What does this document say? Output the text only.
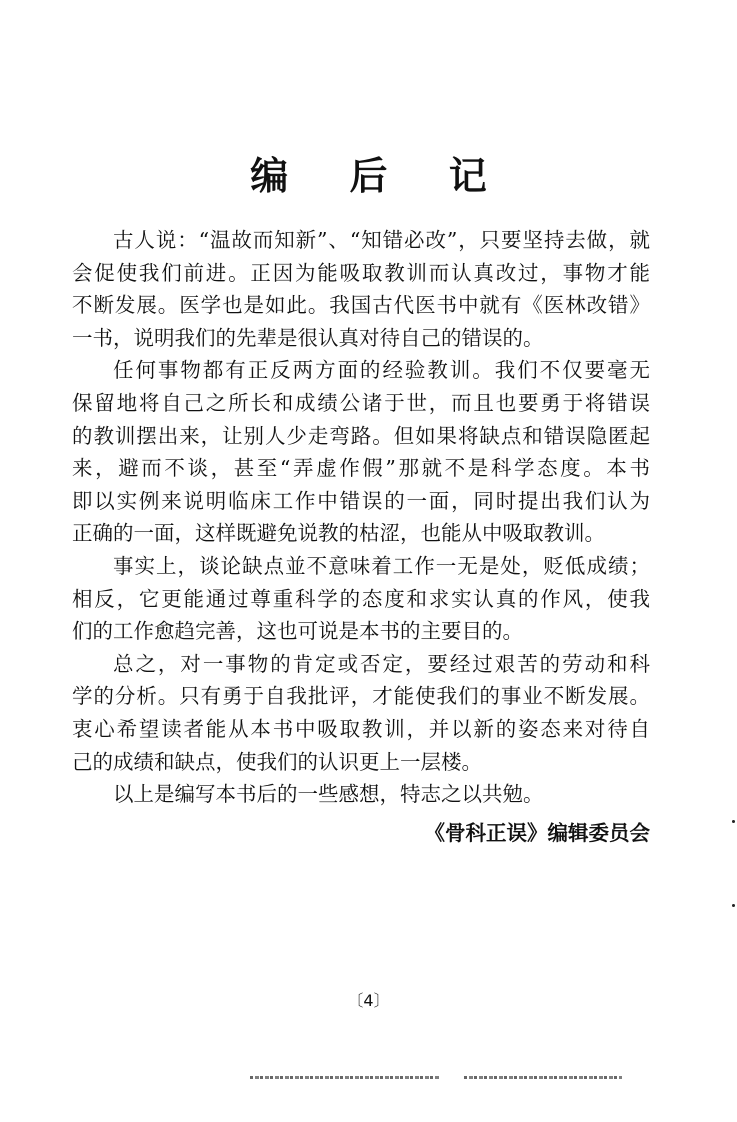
编 后 记
古人说：“温故而知新”、“知错必改”，只要坚持去做，就
会促使我们前进。正因为能吸取教训而认真改过，事物才能
不断发展。医学也是如此。我国古代医书中就有《医林改错》
一书，说明我们的先辈是很认真对待自己的错误的。
任何事物都有正反两方面的经验教训。我们不仅要毫无
保留地将自己之所长和成绩公诸于世，而且也要勇于将错误
的教训摆出来，让别人少走弯路。但如果将缺点和错误隐匿起
来，避而不谈，甚至“弄虚作假”那就不是科学态度。本书
即以实例来说明临床工作中错误的一面，同时提出我们认为
正确的一面，这样既避免说教的枯涩，也能从中吸取教训。
事实上，谈论缺点並不意味着工作一无是处，贬低成绩；
相反，它更能通过尊重科学的态度和求实认真的作风，使我
们的工作愈趋完善，这也可说是本书的主要目的。
总之，对一事物的肯定或否定，要经过艰苦的劳动和科
学的分析。只有勇于自我批评，才能使我们的事业不断发展。
衷心希望读者能从本书中吸取教训，并以新的姿态来对待自
己的成绩和缺点，使我们的认识更上一层楼。
以上是编写本书后的一些感想，特志之以共勉。
《骨科正误》编辑委员会
〔4〕
